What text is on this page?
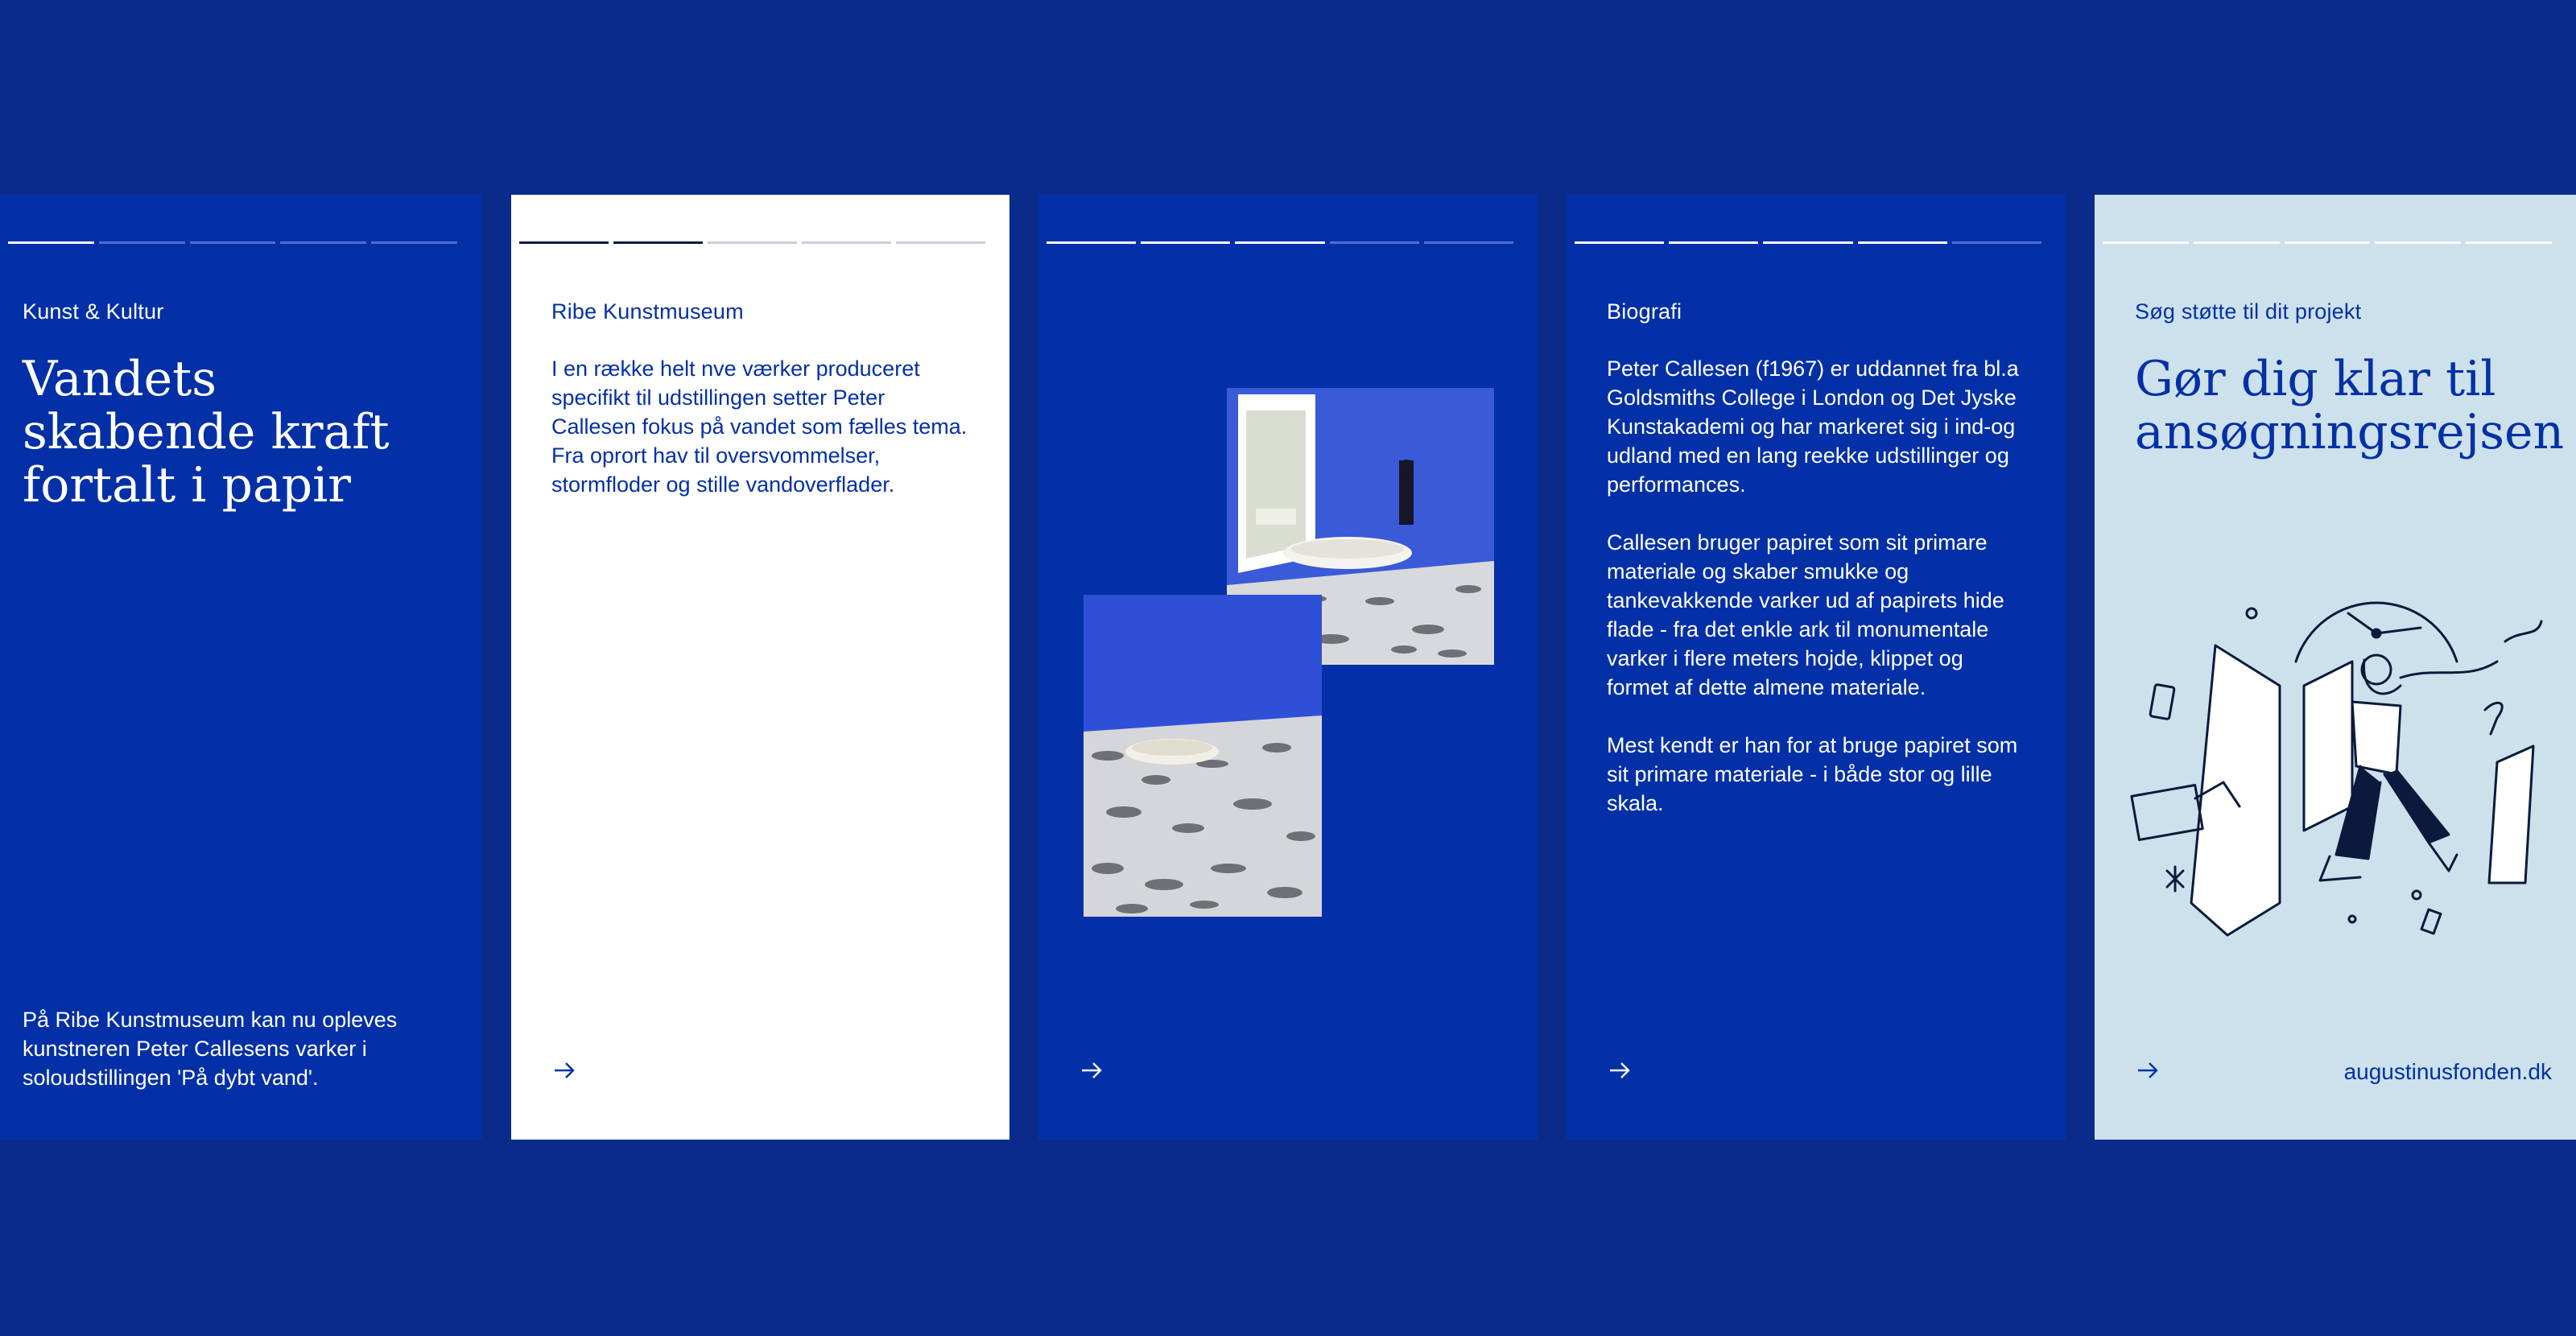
Kunst & Kultur
Vandets skabende kraft fortalt i papir
På Ribe Kunstmuseum kan nu opleves kunstneren Peter Callesens varker i soloudstillingen 'På dybt vand'.
Ribe Kunstmuseum
I en række helt nve værker produceret specifikt til udstillingen setter Peter Callesen fokus på vandet som fælles tema. Fra oprort hav til oversvommelser, stormfloder og stille vandoverflader.
Biografi
Peter Callesen (f1967) er uddannet fra bl.a Goldsmiths College i London og Det Jyske Kunstakademi og har markeret sig i ind-og udland med en lang reekke udstillinger og performances.

Callesen bruger papiret som sit primare materiale og skaber smukke og tankevakkende varker ud af papirets hide flade - fra det enkle ark til monumentale varker i flere meters hojde, klippet og formet af dette almene materiale.

Mest kendt er han for at bruge papiret som sit primare materiale - i både stor og lille skala.
Søg støtte til dit projekt
Gør dig klar til ansøgningsrejsen
augustinusfonden.dk
